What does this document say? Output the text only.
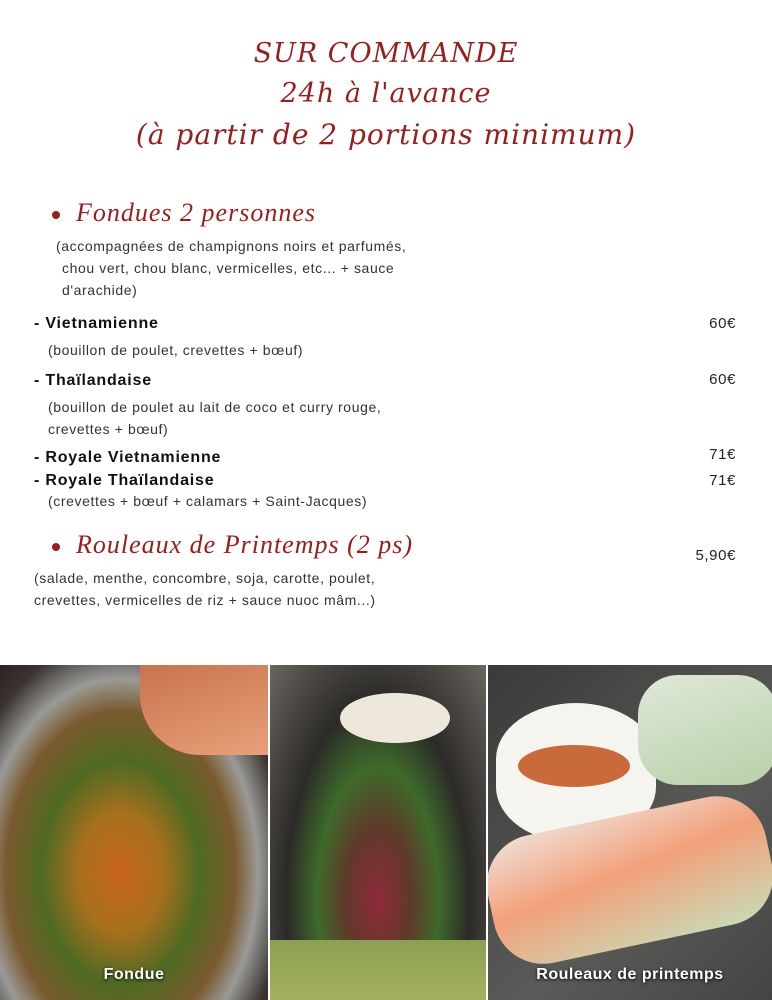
SUR COMMANDE
24h à l'avance
(à partir de 2 portions minimum)
Fondues 2 personnes
(accompagnées de champignons noirs et parfumés,
chou vert, chou blanc, vermicelles, etc... + sauce
d'arachide)
- Vietnamienne	60€
(bouillon de poulet, crevettes + bœuf)
- Thaïlandaise	60€
(bouillon de poulet au lait de coco et curry rouge,
crevettes + bœuf)
- Royale Vietnamienne	71€
- Royale Thaïlandaise	71€
(crevettes + bœuf + calamars + Saint-Jacques)
Rouleaux de Printemps (2 ps)	5,90€
(salade, menthe, concombre, soja, carotte, poulet,
crevettes, vermicelles de riz + sauce nuoc mâm...)
Fondue	Rouleaux de printemps
